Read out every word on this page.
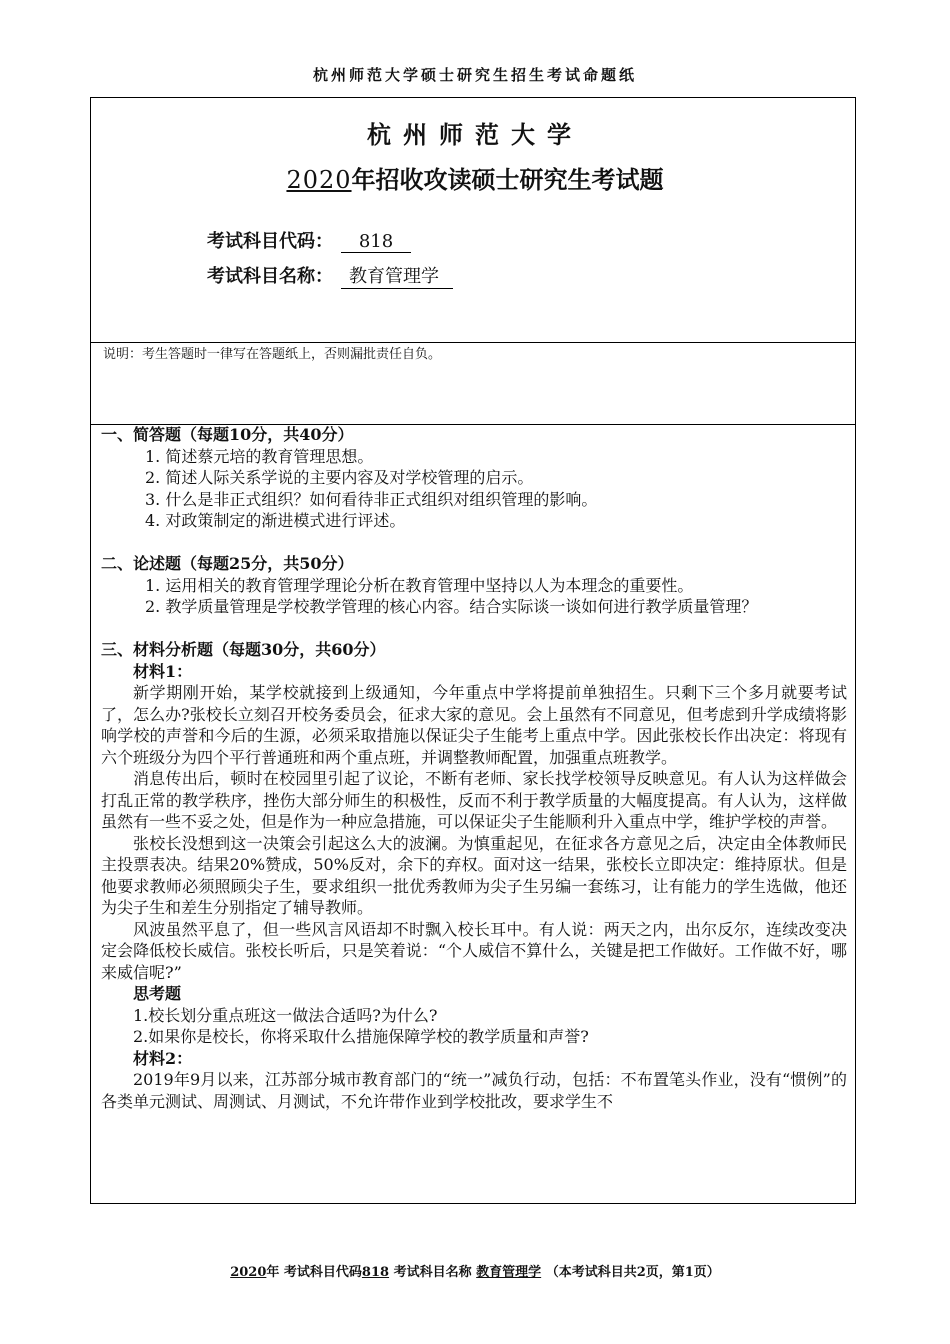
杭州师范大学硕士研究生招生考试命题纸
杭州师范大学
2020年招收攻读硕士研究生考试题
考试科目代码： 818
考试科目名称： 教育管理学
说明：考生答题时一律写在答题纸上，否则漏批责任自负。

一、简答题（每题10分，共40分）

1. 简述蔡元培的教育管理思想。

2. 简述人际关系学说的主要内容及对学校管理的启示。

3. 什么是非正式组织？如何看待非正式组织对组织管理的影响。

4. 对政策制定的渐进模式进行评述。

二、论述题（每题25分，共50分）

1. 运用相关的教育管理学理论分析在教育管理中坚持以人为本理念的重要性。

2. 教学质量管理是学校教学管理的核心内容。结合实际谈一谈如何进行教学质量管理？

三、材料分析题（每题30分，共60分）

材料1：

新学期刚开始，某学校就接到上级通知，今年重点中学将提前单独招生。只剩下三个多月就要考试了，怎么办?张校长立刻召开校务委员会，征求大家的意见。会上虽然有不同意见，但考虑到升学成绩将影响学校的声誉和今后的生源，必须采取措施以保证尖子生能考上重点中学。因此张校长作出决定：将现有六个班级分为四个平行普通班和两个重点班，并调整教师配置，加强重点班教学。

消息传出后，顿时在校园里引起了议论，不断有老师、家长找学校领导反映意见。有人认为这样做会打乱正常的教学秩序，挫伤大部分师生的积极性，反而不利于教学质量的大幅度提高。有人认为，这样做虽然有一些不妥之处，但是作为一种应急措施，可以保证尖子生能顺利升入重点中学，维护学校的声誉。

张校长没想到这一决策会引起这么大的波澜。为慎重起见，在征求各方意见之后，决定由全体教师民主投票表决。结果20%赞成，50%反对，余下的弃权。面对这一结果，张校长立即决定：维持原状。但是他要求教师必须照顾尖子生，要求组织一批优秀教师为尖子生另编一套练习，让有能力的学生选做，他还为尖子生和差生分别指定了辅导教师。

风波虽然平息了，但一些风言风语却不时飘入校长耳中。有人说：两天之内，出尔反尔，连续改变决定会降低校长威信。张校长听后，只是笑着说：“个人威信不算什么，关键是把工作做好。工作做不好，哪来威信呢?”

思考题

1.校长划分重点班这一做法合适吗?为什么?

2.如果你是校长，你将采取什么措施保障学校的教学质量和声誉?

材料2：

2019年9月以来，江苏部分城市教育部门的“统一”减负行动，包括：不布置笔头作业，没有“惯例”的各类单元测试、周测试、月测试，不允许带作业到学校批改，要求学生不

2020年 考试科目代码818 考试科目名称 教育管理学 （本考试科目共2页，第1页）
